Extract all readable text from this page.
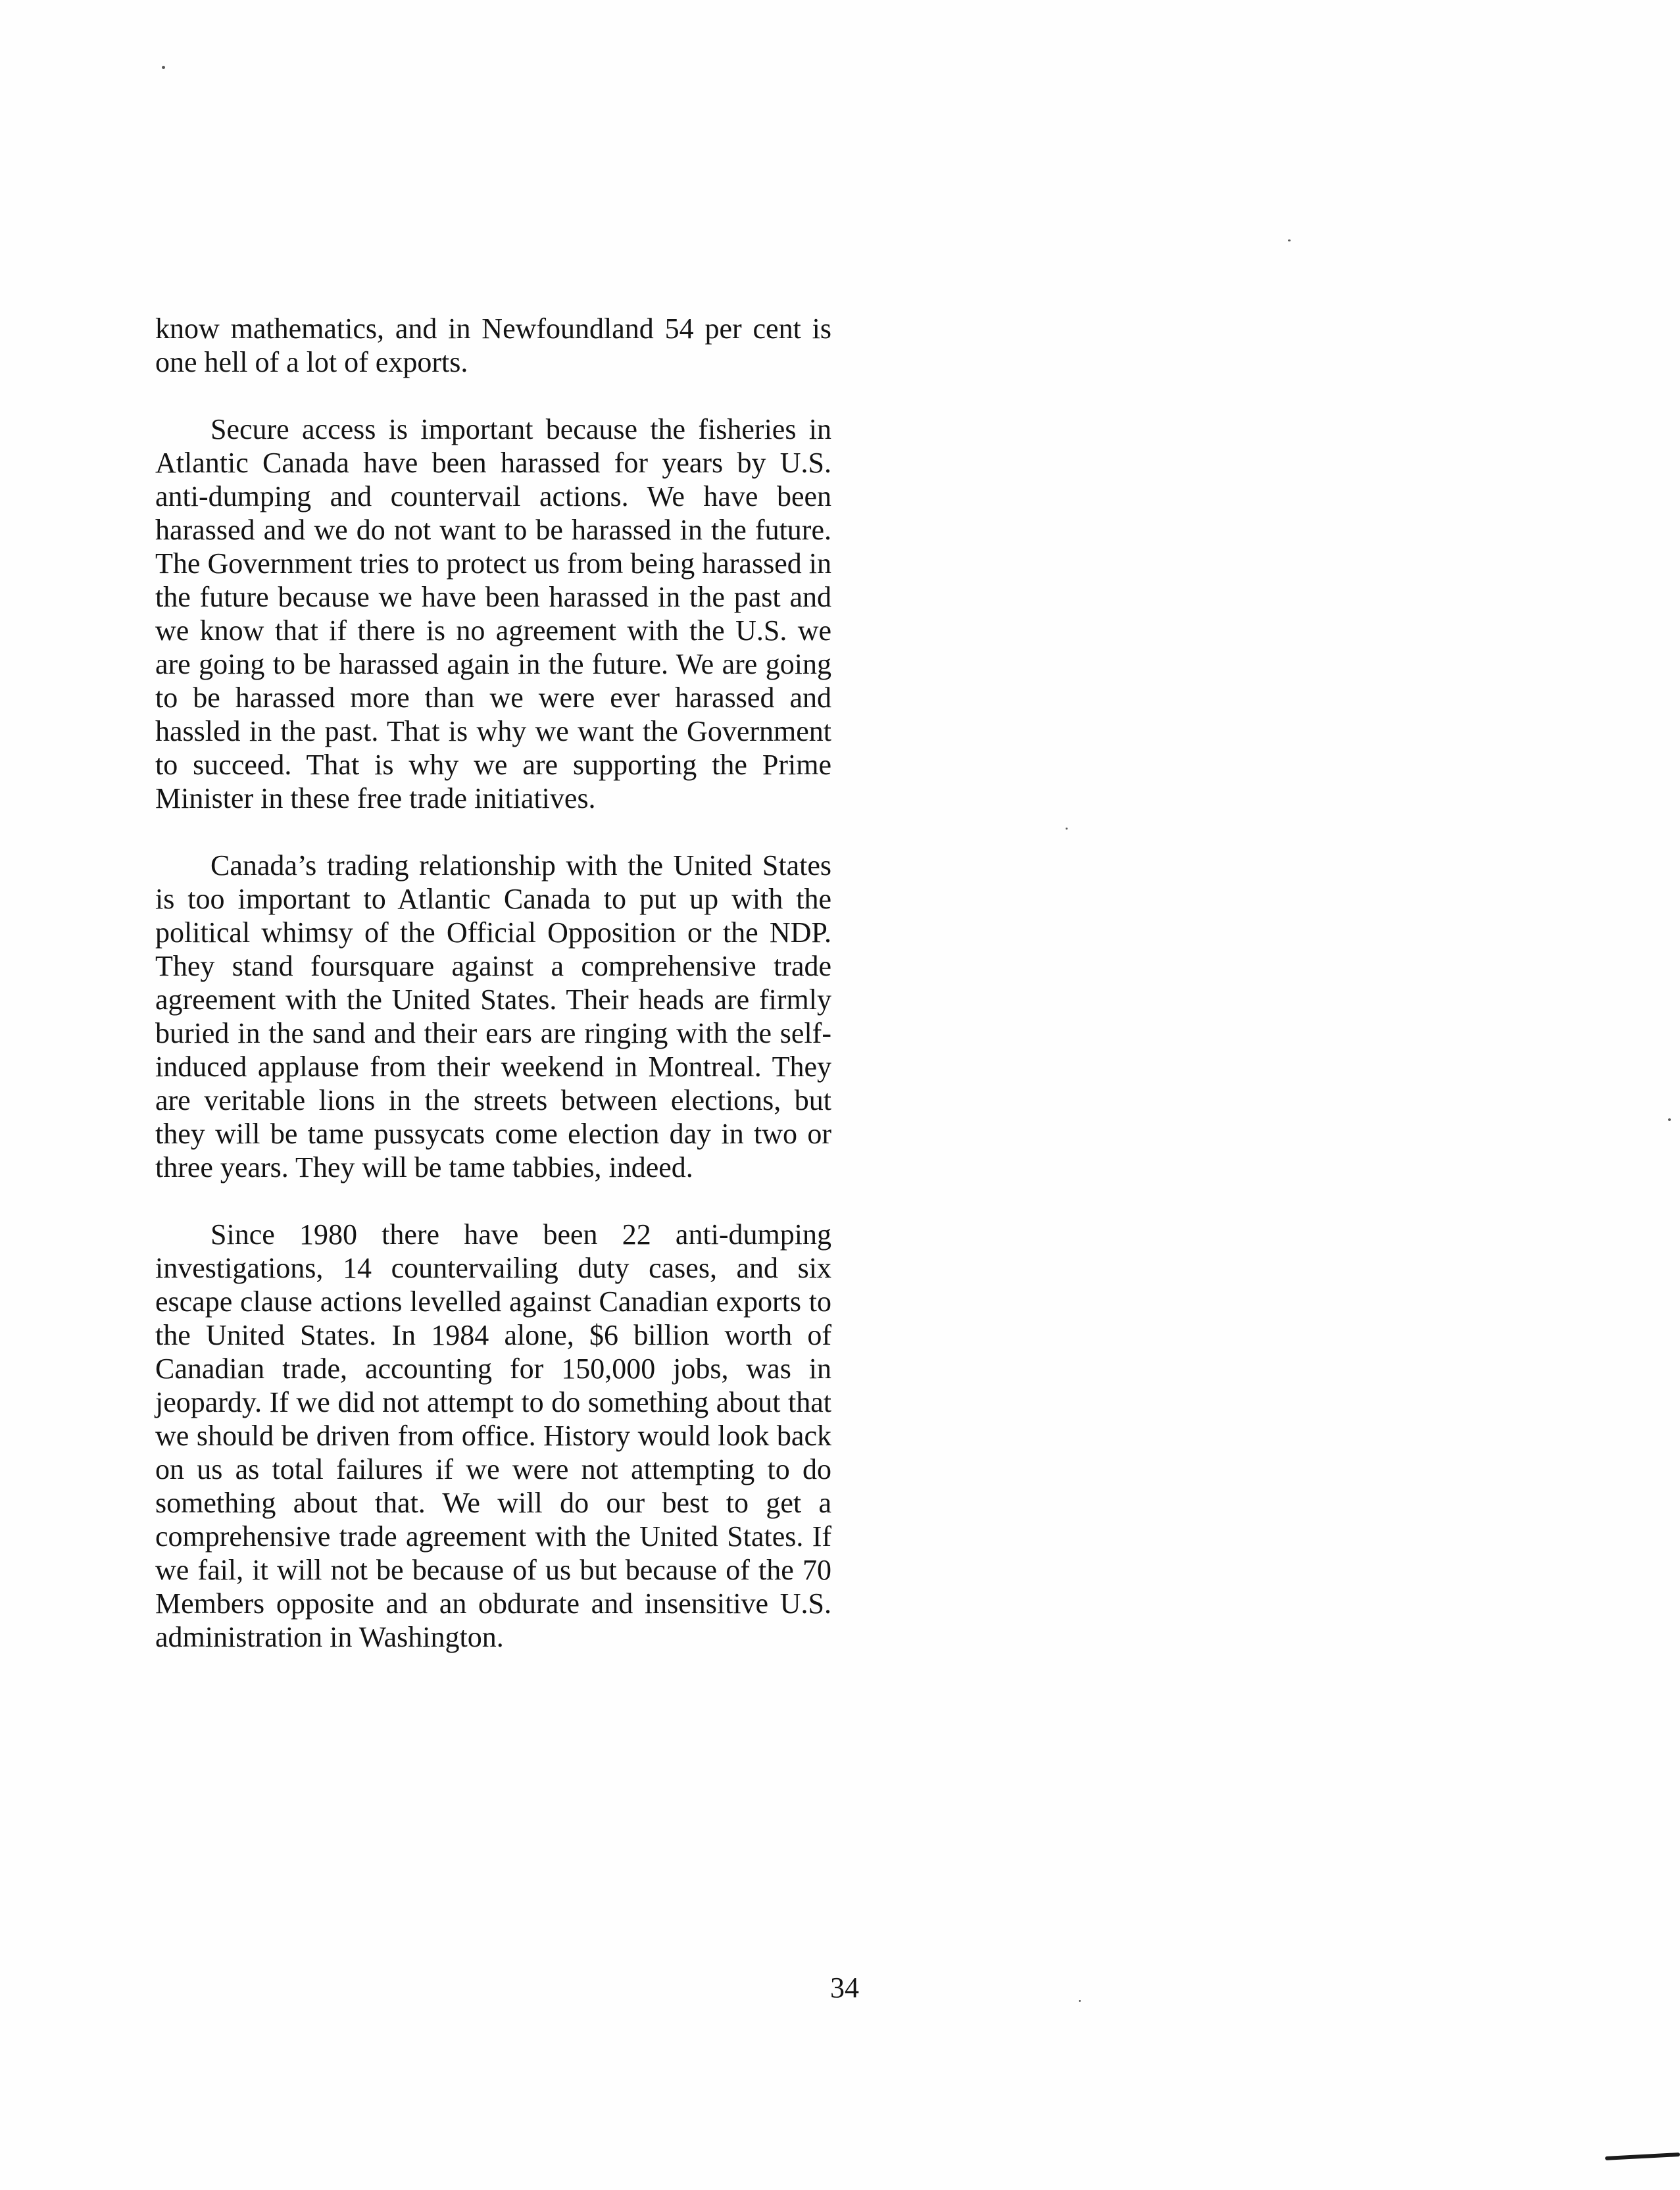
know mathematics, and in Newfoundland 54 per cent is one hell of a lot of exports.

Secure access is important because the fisheries in Atlantic Canada have been harassed for years by U.S. anti-dumping and countervail actions. We have been harassed and we do not want to be harassed in the future. The Government tries to protect us from being harassed in the future because we have been harassed in the past and we know that if there is no agreement with the U.S. we are going to be harassed again in the future. We are going to be harassed more than we were ever harassed and hassled in the past. That is why we want the Government to succeed. That is why we are supporting the Prime Minister in these free trade initiatives.

Canada’s trading relationship with the United States is too important to Atlantic Canada to put up with the political whimsy of the Official Opposition or the NDP. They stand foursquare against a comprehensive trade agreement with the United States. Their heads are firmly buried in the sand and their ears are ringing with the self-induced applause from their weekend in Montreal. They are veritable lions in the streets between elections, but they will be tame pussycats come election day in two or three years. They will be tame tabbies, indeed.

Since 1980 there have been 22 anti-dumping investigations, 14 countervailing duty cases, and six escape clause actions levelled against Canadian exports to the United States. In 1984 alone, $6 billion worth of Canadian trade, accounting for 150,000 jobs, was in jeopardy. If we did not attempt to do something about that we should be driven from office. History would look back on us as total failures if we were not attempting to do something about that. We will do our best to get a comprehensive trade agreement with the United States. If we fail, it will not be because of us but because of the 70 Members opposite and an obdurate and insensitive U.S. administration in Washington.

34
